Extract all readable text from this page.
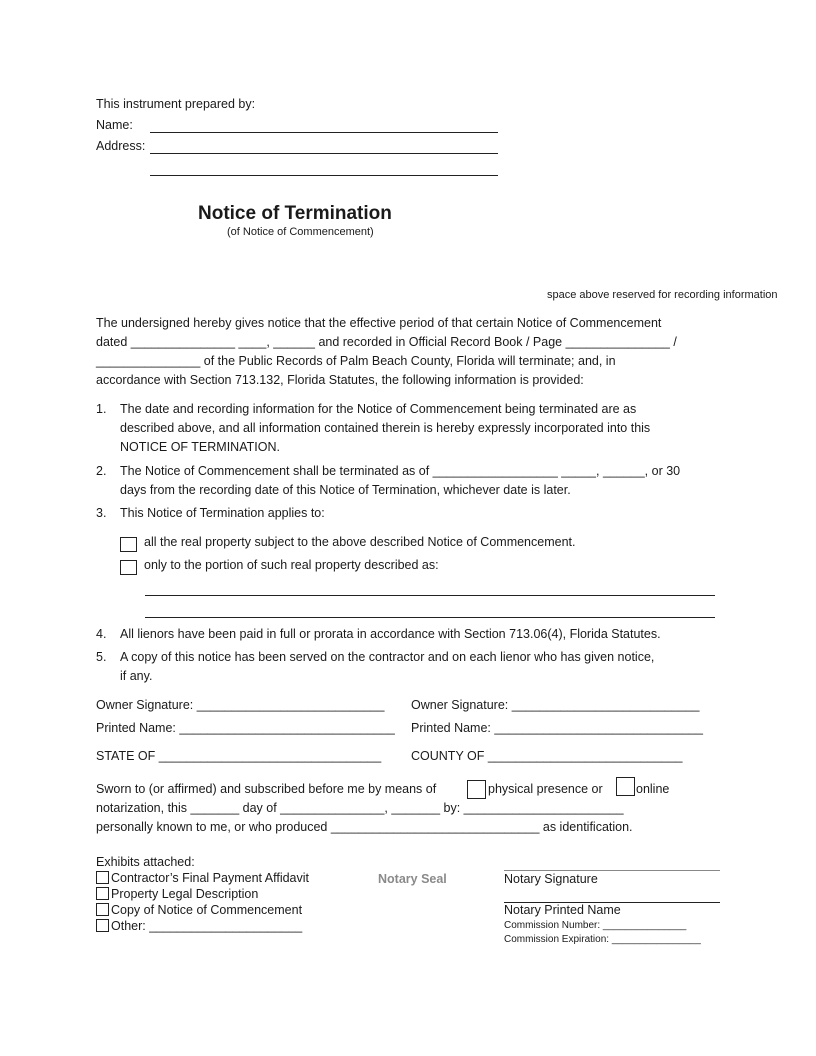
This instrument prepared by:
Name:
Address:
Notice of Termination
(of Notice of Commencement)
space above reserved for recording information
The undersigned hereby gives notice that the effective period of that certain Notice of Commencement
dated _______________ ____, ______ and recorded in Official Record Book / Page _______________ /
_______________ of the Public Records of Palm Beach County, Florida will terminate; and, in
accordance with Section 713.132, Florida Statutes, the following information is provided:
1. The date and recording information for the Notice of Commencement being terminated are as
described above, and all information contained therein is hereby expressly incorporated into this
NOTICE OF TERMINATION.
2. The Notice of Commencement shall be terminated as of __________________ _____, ______, or 30
days from the recording date of this Notice of Termination, whichever date is later.
3. This Notice of Termination applies to:
all the real property subject to the above described Notice of Commencement.
only to the portion of such real property described as:
4. All lienors have been paid in full or prorata in accordance with Section 713.06(4), Florida Statutes.
5. A copy of this notice has been served on the contractor and on each lienor who has given notice,
if any.
Owner Signature: ___________________________ Owner Signature: ___________________________
Printed Name: _______________________________ Printed Name: ______________________________
STATE OF ________________________________ COUNTY OF ____________________________
Sworn to (or affirmed) and subscribed before me by means of	physical presence or	online
notarization, this _______ day of _______________, _______ by: _______________________
personally known to me, or who produced ______________________________ as identification.
Exhibits attached:
Contractor’s Final Payment Affidavit
Property Legal Description
Copy of Notice of Commencement
Other: ______________________
Notary Seal	Notary Signature
Notary Printed Name
Commission Number: _______________
Commission Expiration: ________________
